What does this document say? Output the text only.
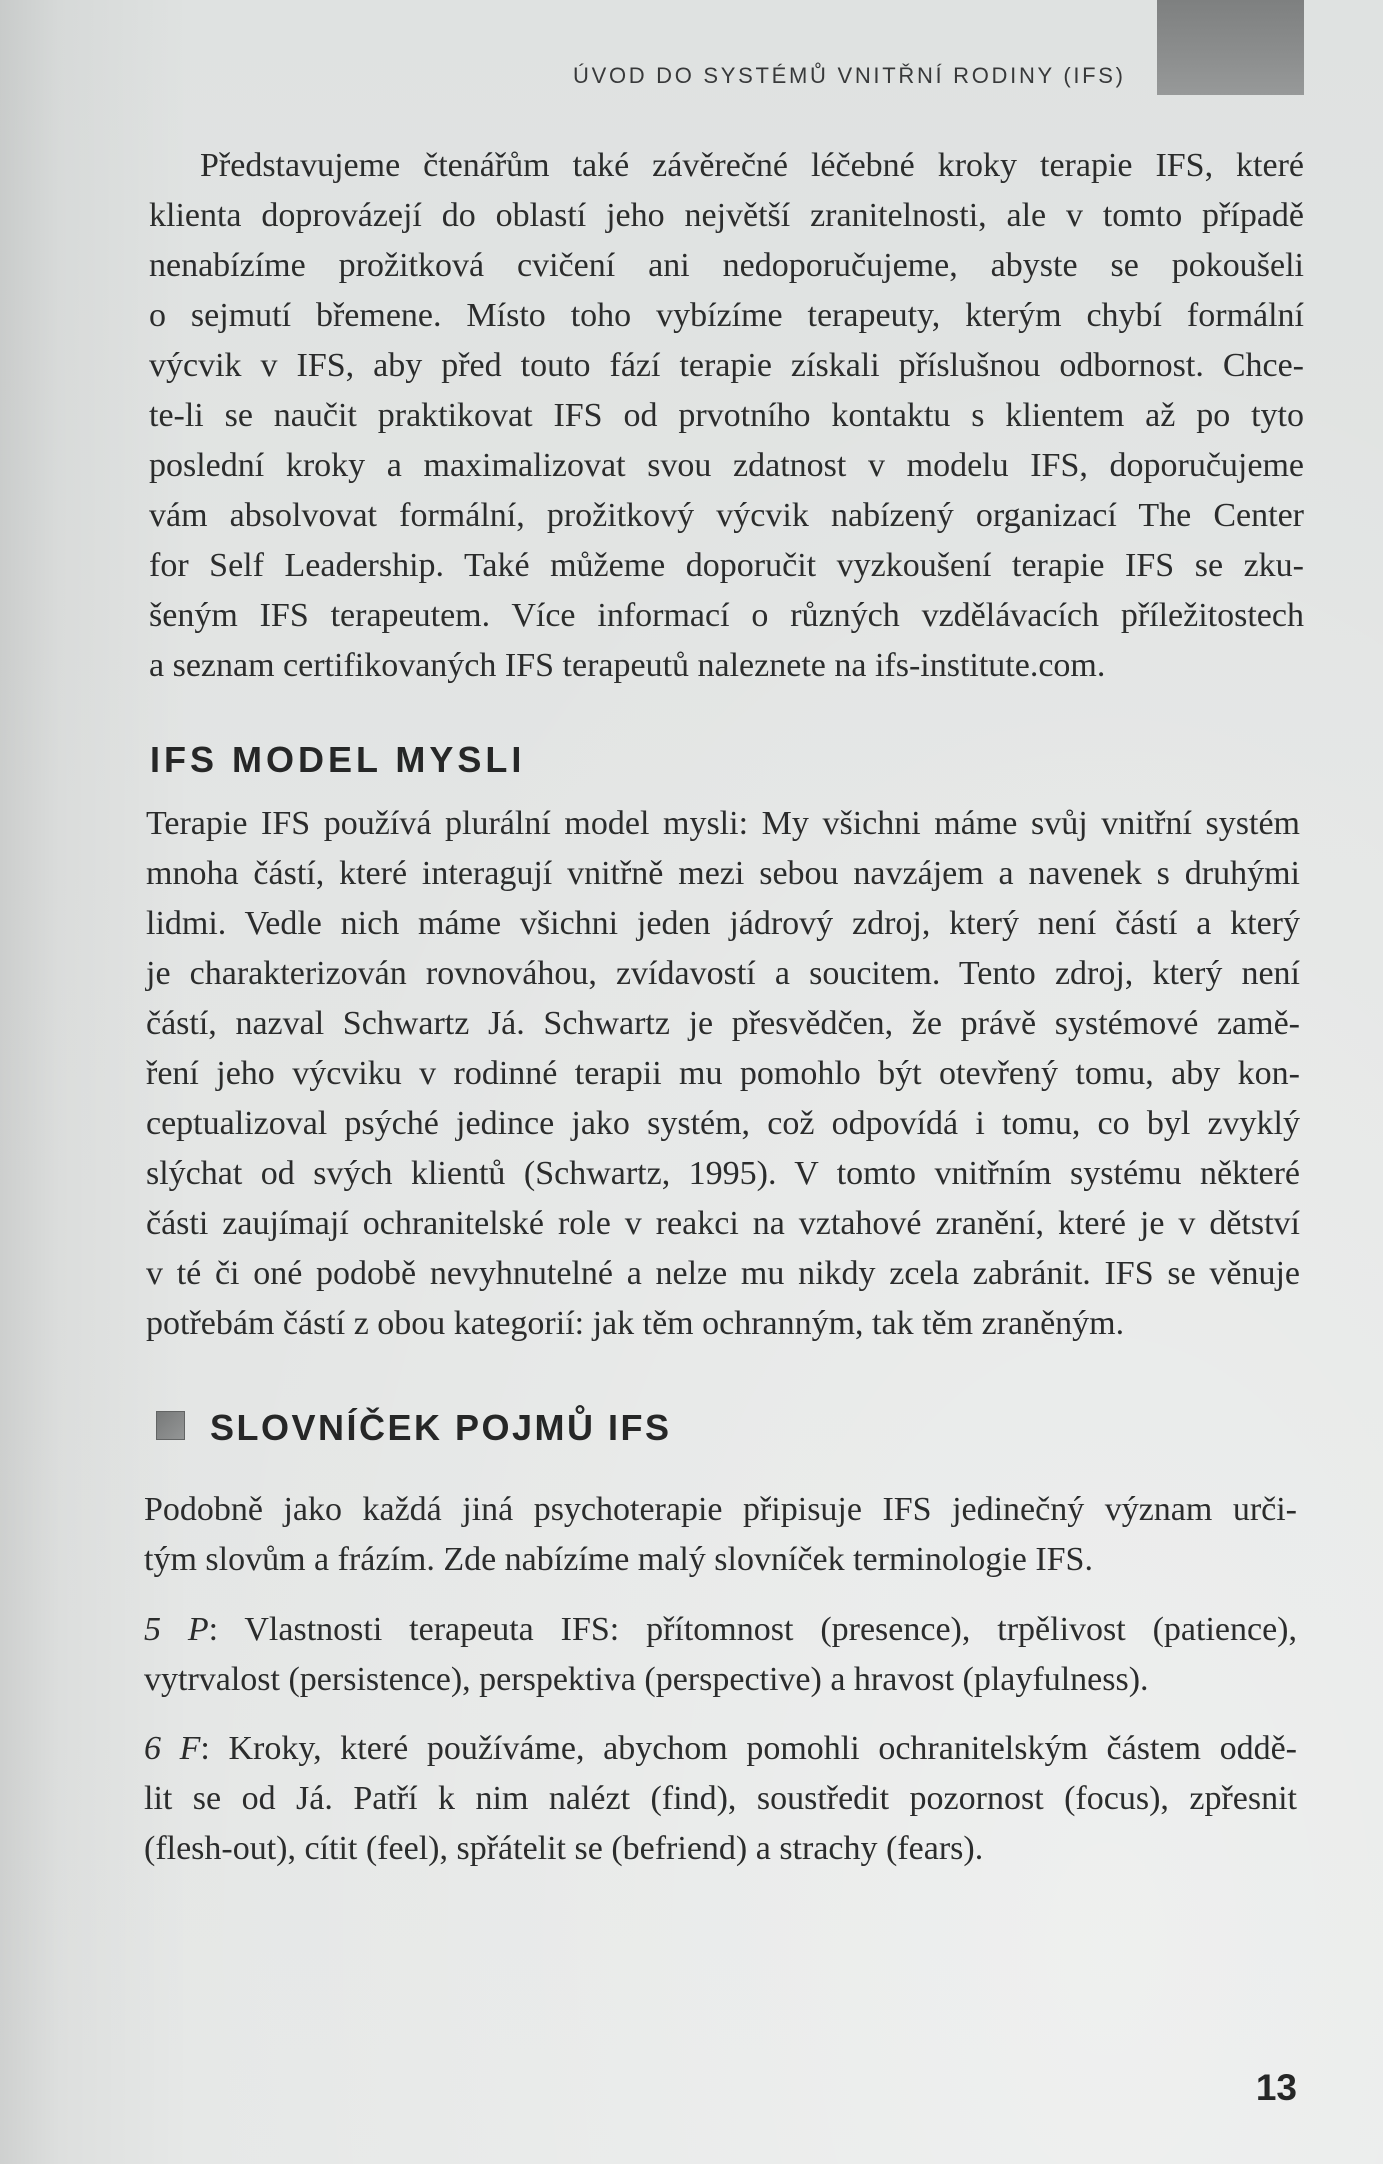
ÚVOD DO SYSTÉMŮ VNITŘNÍ RODINY (IFS)
Představujeme čtenářům také závěrečné léčebné kroky terapie IFS, které
klienta doprovázejí do oblastí jeho největší zranitelnosti, ale v tomto případě
nenabízíme prožitková cvičení ani nedoporučujeme, abyste se pokoušeli
o sejmutí břemene. Místo toho vybízíme terapeuty, kterým chybí formální
výcvik v IFS, aby před touto fází terapie získali příslušnou odbornost. Chce-
te-li se naučit praktikovat IFS od prvotního kontaktu s klientem až po tyto
poslední kroky a maximalizovat svou zdatnost v modelu IFS, doporučujeme
vám absolvovat formální, prožitkový výcvik nabízený organizací The Center
for Self Leadership. Také můžeme doporučit vyzkoušení terapie IFS se zku-
šeným IFS terapeutem. Více informací o různých vzdělávacích příležitostech
a seznam certifikovaných IFS terapeutů naleznete na ifs-institute.com.
IFS MODEL MYSLI
Terapie IFS používá plurální model mysli: My všichni máme svůj vnitřní systém
mnoha částí, které interagují vnitřně mezi sebou navzájem a navenek s druhými
lidmi. Vedle nich máme všichni jeden jádrový zdroj, který není částí a který
je charakterizován rovnováhou, zvídavostí a soucitem. Tento zdroj, který není
částí, nazval Schwartz Já. Schwartz je přesvědčen, že právě systémové zamě-
ření jeho výcviku v rodinné terapii mu pomohlo být otevřený tomu, aby kon-
ceptualizoval psýché jedince jako systém, což odpovídá i tomu, co byl zvyklý
slýchat od svých klientů (Schwartz, 1995). V tomto vnitřním systému některé
části zaujímají ochranitelské role v reakci na vztahové zranění, které je v dětství
v té či oné podobě nevyhnutelné a nelze mu nikdy zcela zabránit. IFS se věnuje
potřebám částí z obou kategorií: jak těm ochranným, tak těm zraněným.
SLOVNÍČEK POJMŮ IFS
Podobně jako každá jiná psychoterapie připisuje IFS jedinečný význam urči-
tým slovům a frázím. Zde nabízíme malý slovníček terminologie IFS.
5 P: Vlastnosti terapeuta IFS: přítomnost (presence), trpělivost (patience),
vytrvalost (persistence), perspektiva (perspective) a hravost (playfulness).
6 F: Kroky, které používáme, abychom pomohli ochranitelským částem oddě-
lit se od Já. Patří k nim nalézt (find), soustředit pozornost (focus), zpřesnit
(flesh-out), cítit (feel), spřátelit se (befriend) a strachy (fears).
13
